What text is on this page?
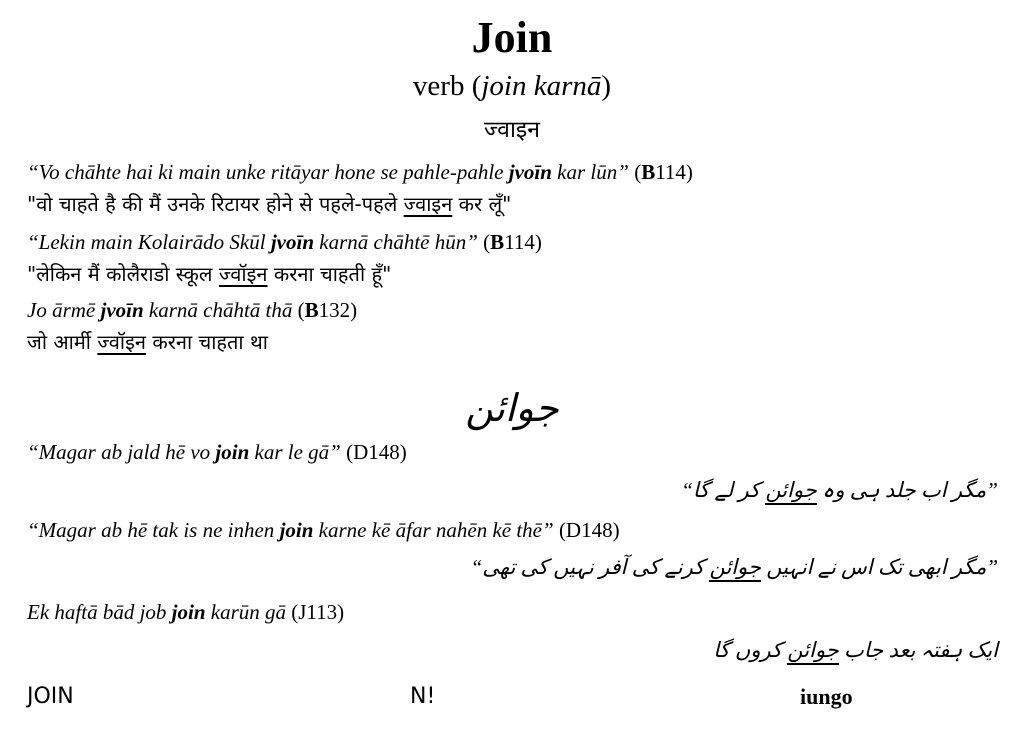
Join
verb (join karnā)
ज्वाइन
“Vo chāhte hai ki main unke ritāyar hone se pahle-pahle jvoīn kar lūn” (B114)
"वो चाहते है की मैं उनके रिटायर होने से पहले-पहले ज्वाइन कर लूँ"
“Lekin main Kolairādo Skūl jvoīn karnā chāhtē hūn” (B114)
"लेकिन मैं कोलैराडो स्कूल ज्वॉइन करना चाहती हूँ"
Jo ārmē jvoīn karnā chāhtā thā (B132)
जो आर्मी ज्वॉइन करना चाहता था
جوائن
“Magar ab jald hē vo join kar le gā” (D148)
”مگر اب جلد ہی وہ جوائن کر لے گا“
“Magar ab hē tak is ne inhen join karne kē āfar nahēn kē thē” (D148)
”مگر ابھی تک اس نے انہیں جوائن کرنے کی آفر نہیں کی تھی“
Ek haftā bād job join karūn gā (J113)
ایک ہفتہ بعد جاب جوائن کروں گا
JOIN	N!	iungo
